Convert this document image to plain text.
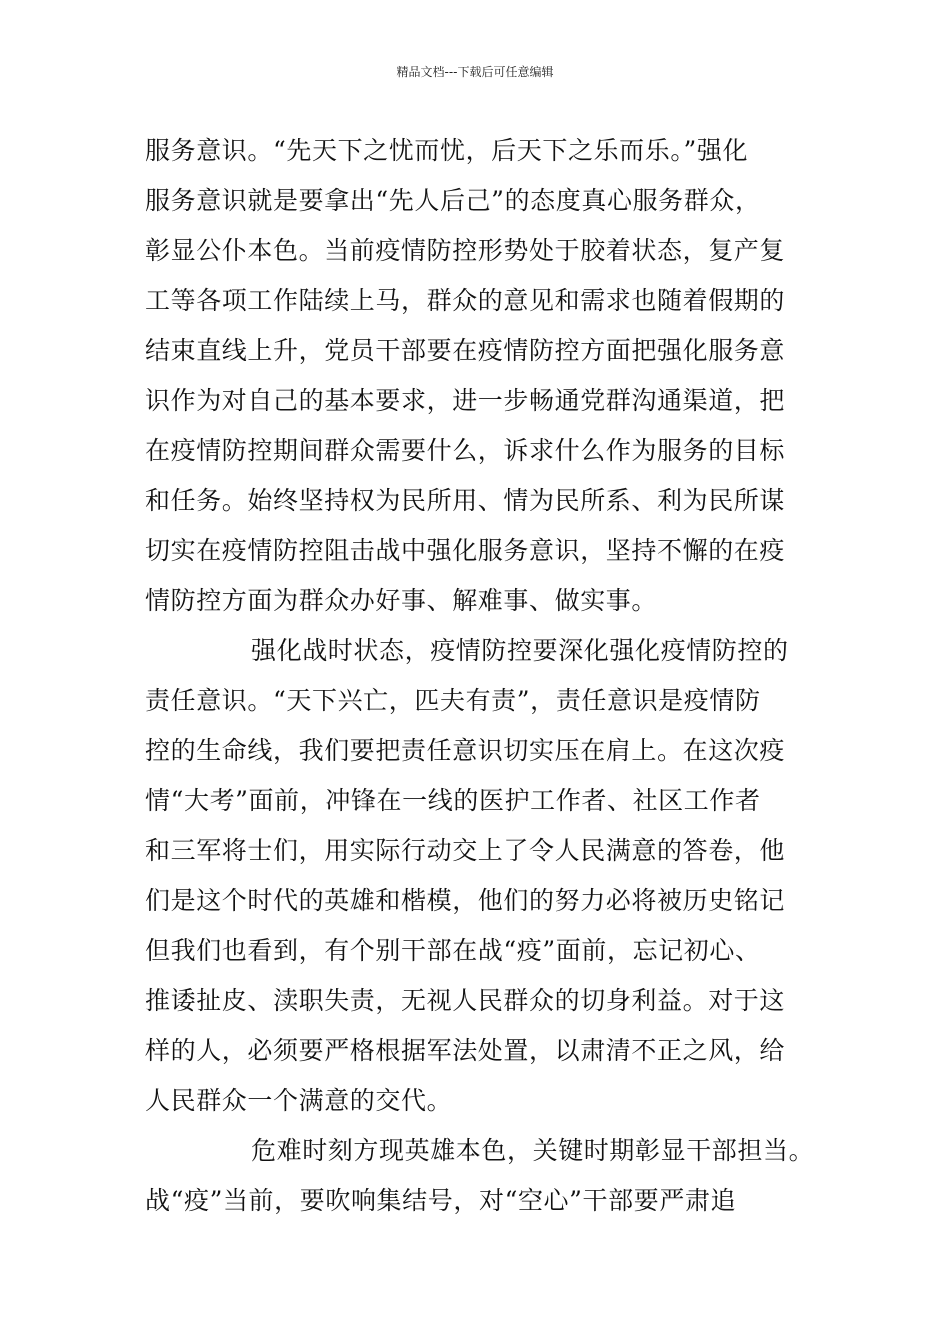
精品文档---下载后可任意编辑
服务意识。“先天下之忧而忧，后天下之乐而乐。”强化
服务意识就是要拿出“先人后己”的态度真心服务群众，
彰显公仆本色。当前疫情防控形势处于胶着状态，复产复
工等各项工作陆续上马，群众的意见和需求也随着假期的
结束直线上升，党员干部要在疫情防控方面把强化服务意
识作为对自己的基本要求，进一步畅通党群沟通渠道，把
在疫情防控期间群众需要什么，诉求什么作为服务的目标
和任务。始终坚持权为民所用、情为民所系、利为民所谋
切实在疫情防控阻击战中强化服务意识，坚持不懈的在疫
情防控方面为群众办好事、解难事、做实事。
强化战时状态，疫情防控要深化强化疫情防控的
责任意识。“天下兴亡，匹夫有责”，责任意识是疫情防
控的生命线，我们要把责任意识切实压在肩上。在这次疫
情“大考”面前，冲锋在一线的医护工作者、社区工作者
和三军将士们，用实际行动交上了令人民满意的答卷，他
们是这个时代的英雄和楷模，他们的努力必将被历史铭记
但我们也看到，有个别干部在战“疫”面前，忘记初心、
推诿扯皮、渎职失责，无视人民群众的切身利益。对于这
样的人，必须要严格根据军法处置，以肃清不正之风，给
人民群众一个满意的交代。
危难时刻方现英雄本色，关键时期彰显干部担当。
战“疫”当前，要吹响集结号，对“空心”干部要严肃追
